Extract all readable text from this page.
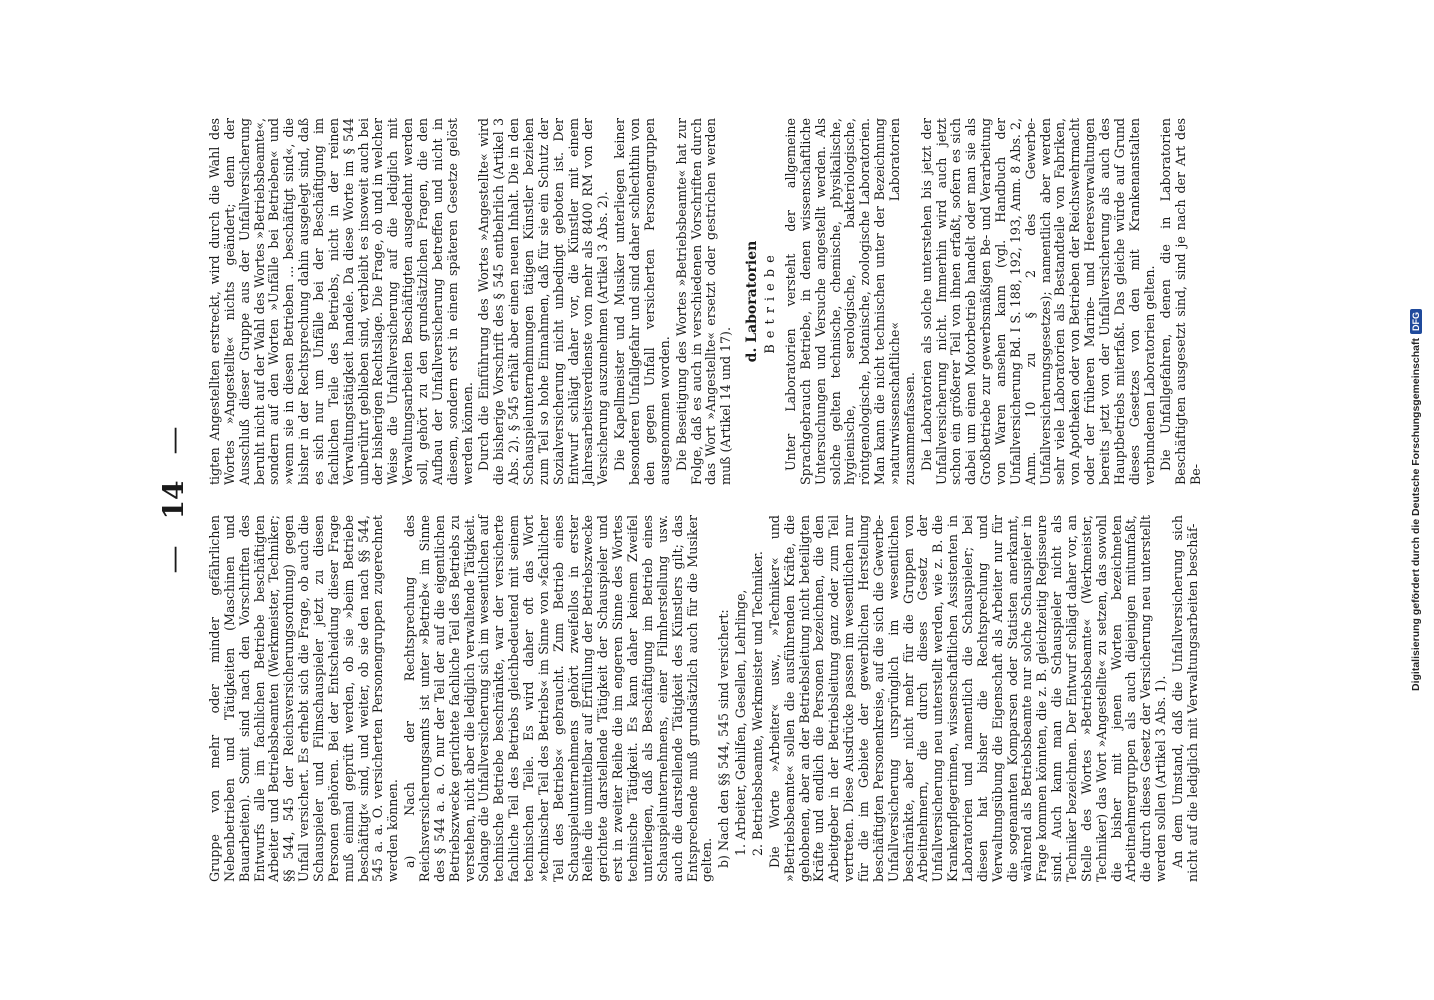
—
14
—

Gruppe von mehr oder minder gefährlichen Nebenbetrieben und Tätigkeiten (Maschinen und Bauarbeiten). Somit sind nach den Vorschriften des Entwurfs alle im fachlichen Betriebe beschäftigten Arbeiter und Betriebsbeamten (Werkmeister, Techniker; §§ 544, 545 der Reichsversicherungsordnung) gegen Unfall versichert. Es erhebt sich die Frage, ob auch die Schauspieler und Filmschauspieler jetzt zu diesen Personen gehören. Bei der Entscheidung dieser Frage muß einmal geprüft werden, ob sie »beim Betriebe beschäftigt« sind, und weiter, ob sie den nach §§ 544, 545 a. a. O. versicherten Personengruppen zugerechnet werden können. a) Nach der Rechtsprechung des Reichsversicherungsamts ist unter »Betrieb« im Sinne des § 544 a. a. O. nur der Teil der auf die eigentlichen Betriebszwecke gerichtete fachliche Teil des Betriebs zu verstehen, nicht aber die lediglich verwaltende Tätigkeit. Solange die Unfallversicherung sich im wesentlichen auf technische Betriebe beschränkte, war der versicherte fachliche Teil des Betriebs gleichbedeutend mit seinem technischen Teile. Es wird daher oft das Wort »technischer Teil des Betriebs« im Sinne von »fachlicher Teil des Betriebs« gebraucht. Zum Betrieb eines Schauspielunternehmens gehört zweifellos in erster Reihe die unmittelbar auf Erfüllung der Betriebszwecke gerichtete darstellende Tätigkeit der Schauspieler und erst in zweiter Reihe die im engeren Sinne des Wortes technische Tätigkeit. Es kann daher keinem Zweifel unterliegen, daß als Beschäftigung im Betrieb eines Schauspielunternehmens, einer Filmherstellung usw. auch die darstellende Tätigkeit des Künstlers gilt; das Entsprechende muß grundsätzlich auch für die Musiker gelten. b) Nach den §§ 544, 545 sind versichert: 1. Arbeiter, Gehilfen, Gesellen, Lehrlinge, 2. Betriebsbeamte, Werkmeister und Techniker. Die Worte »Arbeiter« usw., »Techniker« und »Betriebsbeamte« sollen die ausführenden Kräfte, die gehobenen, aber an der Betriebsleitung nicht beteiligten Kräfte und endlich die Personen bezeichnen, die den Arbeitgeber in der Betriebsleitung ganz oder zum Teil vertreten. Diese Ausdrücke passen im wesentlichen nur für die im Gebiete der gewerblichen Herstellung beschäftigten Personenkreise, auf die sich die Gewerbe-Unfallversicherung ursprünglich im wesentlichen beschränkte, aber nicht mehr für die Gruppen von Arbeitnehmern, die durch dieses Gesetz der Unfallversicherung neu unterstellt werden, wie z. B. die Krankenpflegerinnen, wissenschaftlichen Assistenten in Laboratorien und namentlich die Schauspieler; bei diesen hat bisher die Rechtsprechung und Verwaltungsübung die Eigenschaft als Arbeiter nur für die sogenannten Komparsen oder Statisten anerkannt, während als Betriebsbeamte nur solche Schauspieler in Frage kommen könnten, die z. B. gleichzeitig Regisseure sind. Auch kann man die Schauspieler nicht als Techniker bezeichnen. Der Entwurf schlägt daher vor, an Stelle des Wortes »Betriebsbeamte« (Werkmeister, Techniker) das Wort »Angestellte« zu setzen, das sowohl die bisher mit jenen Worten bezeichneten Arbeitnehmergruppen als auch diejenigen mitumfaßt, die durch dieses Gesetz der Versicherung neu unterstellt werden sollen (Artikel 3 Abs. 1). An dem Umstand, daß die Unfallversicherung sich nicht auf die lediglich mit Verwaltungsarbeiten beschäf-

tigten Angestellten erstreckt, wird durch die Wahl des Wortes »Angestellte« nichts geändert; denn der Ausschluß dieser Gruppe aus der Unfallversicherung beruht nicht auf der Wahl des Wortes »Betriebsbeamte«, sondern auf den Worten »Unfälle bei Betrieben« und »wenn sie in diesen Betrieben ... beschäftigt sind«, die bisher in der Rechtsprechung dahin ausgelegt sind, daß es sich nur um Unfälle bei der Beschäftigung im fachlichen Teile des Betriebs, nicht in der reinen Verwaltungstätigkeit handele. Da diese Worte im § 544 unberührt geblieben sind, verbleibt es insoweit auch bei der bisherigen Rechtslage. Die Frage, ob und in welcher Weise die Unfallversicherung auf die lediglich mit Verwaltungsarbeiten Beschäftigten ausgedehnt werden soll, gehört zu den grundsätzlichen Fragen, die den Aufbau der Unfallversicherung betreffen und nicht in diesem, sondern erst in einem späteren Gesetze gelöst werden können. Durch die Einführung des Wortes »Angestellte« wird die bisherige Vorschrift des § 545 entbehrlich (Artikel 3 Abs. 2). § 545 erhält aber einen neuen Inhalt. Die in den Schauspielunternehmungen tätigen Künstler beziehen zum Teil so hohe Einnahmen, daß für sie ein Schutz der Sozialversicherung nicht unbedingt geboten ist. Der Entwurf schlägt daher vor, die Künstler mit einem Jahresarbeitsverdienste von mehr als 8400 RM von der Versicherung auszunehmen (Artikel 3 Abs. 2). Die Kapellmeister und Musiker unterliegen keiner besonderen Unfallgefahr und sind daher schlechthin von den gegen Unfall versicherten Personengruppen ausgenommen worden. Die Beseitigung des Wortes »Betriebsbeamte« hat zur Folge, daß es auch in verschiedenen Vorschriften durch das Wort »Angestellte« ersetzt oder gestrichen werden muß (Artikel 14 und 17).

d. Laboratorien Betriebe Unter Laboratorien versteht der allgemeine Sprachgebrauch Betriebe, in denen wissenschaftliche Untersuchungen und Versuche angestellt werden. Als solche gelten technische, chemische, physikalische, hygienische, serologische, bakteriologische, röntgenologische, botanische, zoologische Laboratorien. Man kann die nicht technischen unter der Bezeichnung »naturwissenschaftliche« Laboratorien zusammenfassen. Die Laboratorien als solche unterstehen bis jetzt der Unfallversicherung nicht. Immerhin wird auch jetzt schon ein größerer Teil von ihnen erfaßt, sofern es sich dabei um einen Motorbetrieb handelt oder man sie als Großbetriebe zur gewerbsmäßigen Be- und Verarbeitung von Waren ansehen kann (vgl. Handbuch der Unfallversicherung Bd. I S. 188, 192, 193, Anm. 8 Abs. 2, Anm. 10 zu § 2 des Gewerbe-Unfallversicherungsgesetzes); namentlich aber werden sehr viele Laboratorien als Bestandteile von Fabriken, von Apotheken oder von Betrieben der Reichswehrmacht oder der früheren Marine- und Heeresverwaltungen bereits jetzt von der Unfallversicherung als auch des Hauptbetriebs miterfaßt. Das gleiche würde auf Grund dieses Gesetzes von den mit Krankenanstalten verbundenen Laboratorien gelten. Die Unfallgefahren, denen die in Laboratorien Beschäftigten ausgesetzt sind, sind je nach der Art des Be-	Digitalisierung gefördert durch die Deutsche Forschungsgemeinschaft
DFG
